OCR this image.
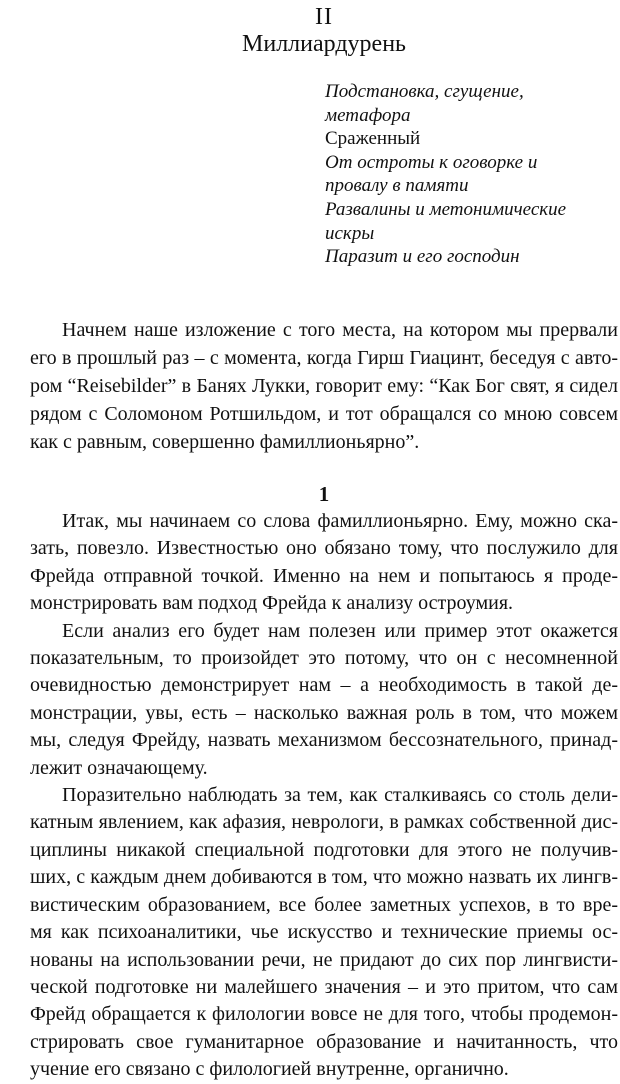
II
Миллиардурень
Подстановка, сгущение,
метафора
Сраженный
От остроты к оговорке и
провалу в памяти
Развалины и метонимические
искры
Паразит и его господин
Начнем наше изложение с того места, на котором мы прервали
его в прошлый раз – с момента, когда Гирш Гиацинт, беседуя с авто-
ром “Reisebilder” в Банях Лукки, говорит ему: “Как Бог свят, я сидел
рядом с Соломоном Ротшильдом, и тот обращался со мною совсем
как с равным, совершенно фамиллионьярно”.
1
Итак, мы начинаем со слова фамиллионьярно. Ему, можно ска-
зать, повезло. Известностью оно обязано тому, что послужило для
Фрейда отправной точкой. Именно на нем и попытаюсь я проде-
монстрировать вам подход Фрейда к анализу остроумия.
Если анализ его будет нам полезен или пример этот окажется
показательным, то произойдет это потому, что он с несомненной
очевидностью демонстрирует нам – а необходимость в такой де-
монстрации, увы, есть – насколько важная роль в том, что можем
мы, следуя Фрейду, назвать механизмом бессознательного, принад-
лежит означающему.
Поразительно наблюдать за тем, как сталкиваясь со столь дели-
катным явлением, как афазия, неврологи, в рамках собственной дис-
циплины никакой специальной подготовки для этого не получив-
ших, с каждым днем добиваются в том, что можно назвать их лингв-
вистическим образованием, все более заметных успехов, в то вре-
мя как психоаналитики, чье искусство и технические приемы ос-
нованы на использовании речи, не придают до сих пор лингвисти-
ческой подготовке ни малейшего значения – и это притом, что сам
Фрейд обращается к филологии вовсе не для того, чтобы продемон-
стрировать свое гуманитарное образование и начитанность, что
учение его связано с филологией внутренне, органично.
